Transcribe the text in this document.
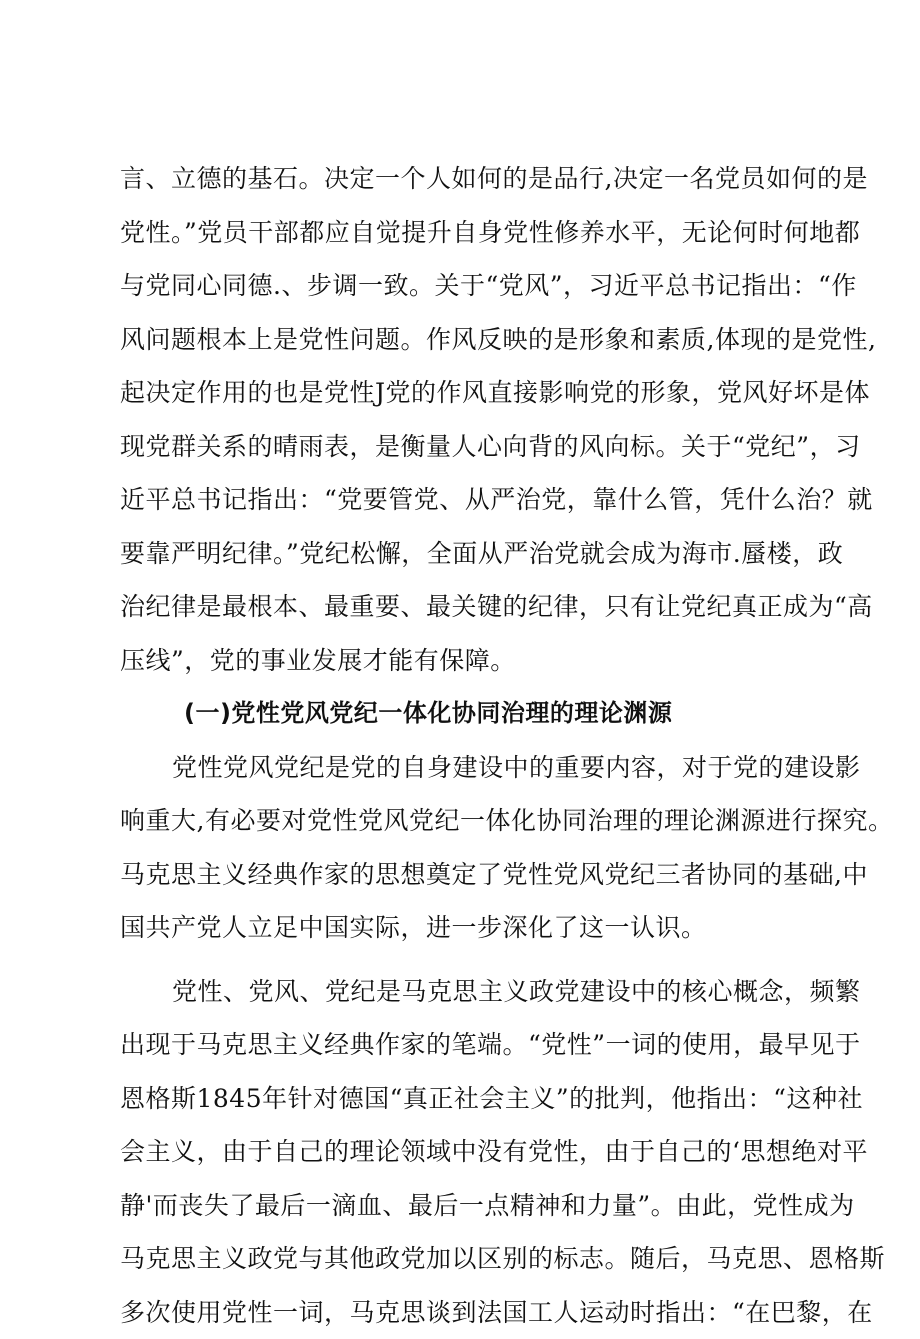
言、立德的基石。决定一个人如何的是品行,决定一名党员如何的是
党性。”党员干部都应自觉提升自身党性修养水平，无论何时何地都
与党同心同德.、步调一致。关于“党风”，习近平总书记指出：“作
风问题根本上是党性问题。作风反映的是形象和素质,体现的是党性,
起决定作用的也是党性J党的作风直接影响党的形象，党风好坏是体
现党群关系的晴雨表，是衡量人心向背的风向标。关于“党纪”，习
近平总书记指出：“党要管党、从严治党，靠什么管，凭什么治？就
要靠严明纪律。”党纪松懈，全面从严治党就会成为海市.蜃楼，政
治纪律是最根本、最重要、最关键的纪律，只有让党纪真正成为“高
压线”，党的事业发展才能有保障。
(一)党性党风党纪一体化协同治理的理论渊源
党性党风党纪是党的自身建设中的重要内容，对于党的建设影
响重大,有必要对党性党风党纪一体化协同治理的理论渊源进行探究。
马克思主义经典作家的思想奠定了党性党风党纪三者协同的基础,中
国共产党人立足中国实际，进一步深化了这一认识。
党性、党风、党纪是马克思主义政党建设中的核心概念，频繁
出现于马克思主义经典作家的笔端。“党性”一词的使用，最早见于
恩格斯1845年针对德国“真正社会主义”的批判，他指出：“这种社
会主义，由于自己的理论领域中没有党性，由于自己的‘思想绝对平
静'而丧失了最后一滴血、最后一点精神和力量”。由此，党性成为
马克思主义政党与其他政党加以区别的标志。随后，马克思、恩格斯
多次使用党性一词，马克思谈到法国工人运动时指出：“在巴黎，在
